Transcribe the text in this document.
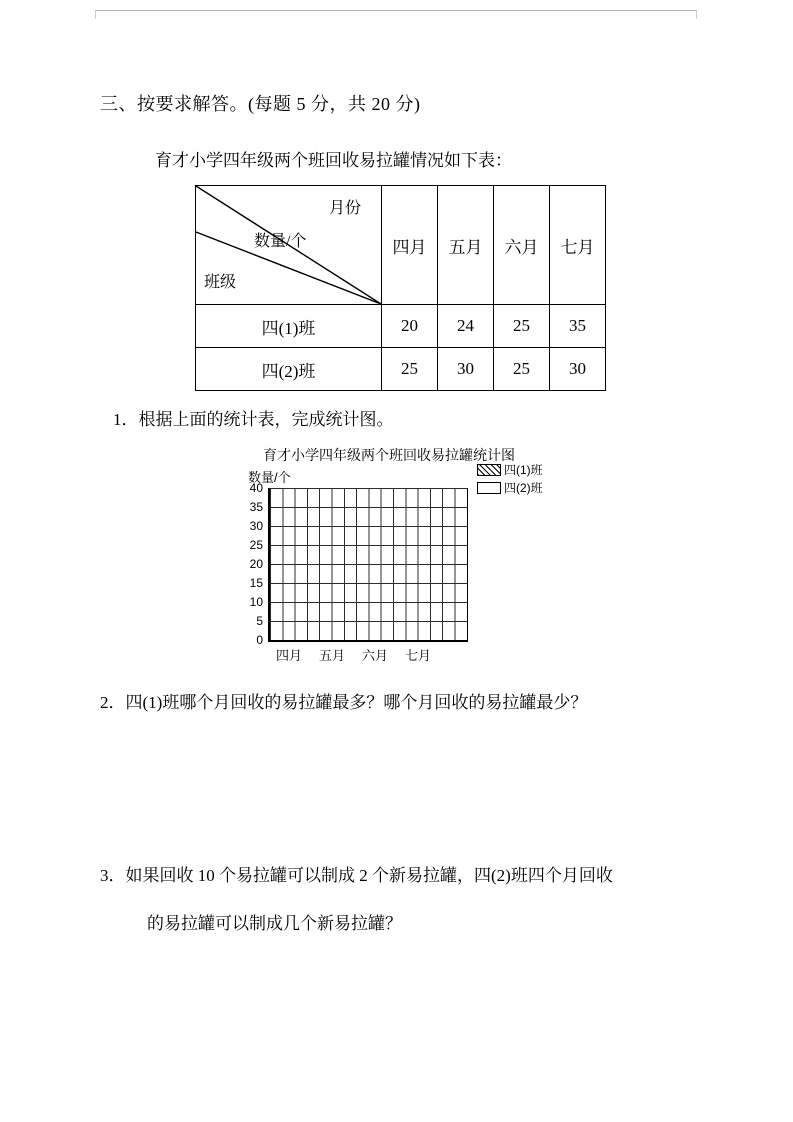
三、按要求解答。(每题 5 分，共 20 分)
育才小学四年级两个班回收易拉罐情况如下表：
月份
数量/个
班级	四月	五月	六月	七月
四(1)班	20	24	25	35
四(2)班	25	30	25	30
1．根据上面的统计表，完成统计图。
育才小学四年级两个班回收易拉罐统计图
数量/个	四(1)班
四(2)班
40
35
30
25
20
15
10
5
0
四月 五月 六月 七月
2．四(1)班哪个月回收的易拉罐最多？哪个月回收的易拉罐最少？
3．如果回收 10 个易拉罐可以制成 2 个新易拉罐，四(2)班四个月回收
的易拉罐可以制成几个新易拉罐？
